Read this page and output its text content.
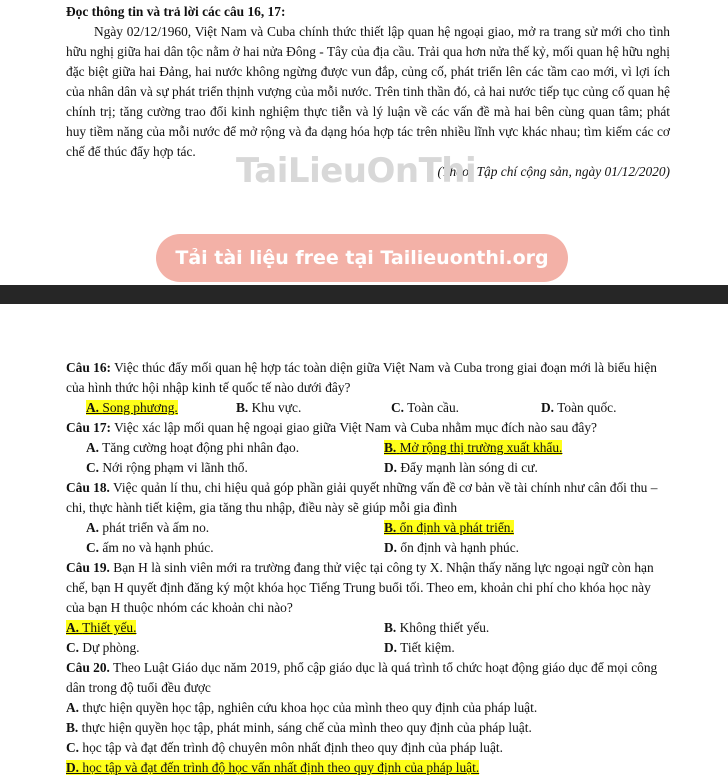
Đọc thông tin và trả lời các câu 16, 17:

Ngày 02/12/1960, Việt Nam và Cuba chính thức thiết lập quan hệ ngoại giao, mở ra trang sử mới cho tình hữu nghị giữa hai dân tộc nằm ở hai nửa Đông - Tây của địa cầu. Trải qua hơn nửa thế kỷ, mối quan hệ hữu nghị đặc biệt giữa hai Đảng, hai nước không ngừng được vun đắp, củng cố, phát triển lên các tầm cao mới, vì lợi ích của nhân dân và sự phát triển thịnh vượng của mỗi nước. Trên tinh thần đó, cả hai nước tiếp tục củng cố quan hệ chính trị; tăng cường trao đổi kinh nghiệm thực tiễn và lý luận về các vấn đề mà hai bên cùng quan tâm; phát huy tiềm năng của mỗi nước để mở rộng và đa dạng hóa hợp tác trên nhiều lĩnh vực khác nhau; tìm kiếm các cơ chế để thúc đẩy hợp tác.

(Theo: Tập chí cộng sản, ngày 01/12/2020)

TaiLieuOnThi
Tải tài liệu free tại Tailieuonthi.org

Câu 16: Việc thúc đẩy mối quan hệ hợp tác toàn diện giữa Việt Nam và Cuba trong giai đoạn mới là biểu hiện của hình thức hội nhập kinh tế quốc tế nào dưới đây?

A. Song phương.	B. Khu vực.	C. Toàn cầu.	D. Toàn quốc.

Câu 17: Việc xác lập mối quan hệ ngoại giao giữa Việt Nam và Cuba nhằm mục đích nào sau đây?

A. Tăng cường hoạt động phi nhân đạo.	B. Mở rộng thị trường xuất khẩu.
C. Nới rộng phạm vi lãnh thổ.	D. Đẩy mạnh làn sóng di cư.

Câu 18. Việc quản lí thu, chi hiệu quả góp phần giải quyết những vấn đề cơ bản về tài chính như cân đối thu – chi, thực hành tiết kiệm, gia tăng thu nhập, điều này sẽ giúp mỗi gia đình

A. phát triển và ấm no.	B. ổn định và phát triển.
C. ấm no và hạnh phúc.	D. ổn định và hạnh phúc.

Câu 19. Bạn H là sinh viên mới ra trường đang thử việc tại công ty X. Nhận thấy năng lực ngoại ngữ còn hạn chế, bạn H quyết định đăng ký một khóa học Tiếng Trung buổi tối. Theo em, khoản chi phí cho khóa học này của bạn H thuộc nhóm các khoản chi nào?

A. Thiết yếu.	B. Không thiết yếu.
C. Dự phòng.	D. Tiết kiệm.

Câu 20. Theo Luật Giáo dục năm 2019, phổ cập giáo dục là quá trình tổ chức hoạt động giáo dục để mọi công dân trong độ tuổi đều được

A. thực hiện quyền học tập, nghiên cứu khoa học của mình theo quy định của pháp luật.

B. thực hiện quyền học tập, phát minh, sáng chế của mình theo quy định của pháp luật.

C. học tập và đạt đến trình độ chuyên môn nhất định theo quy định của pháp luật.

D. học tập và đạt đến trình độ học vấn nhất định theo quy định của pháp luật.
